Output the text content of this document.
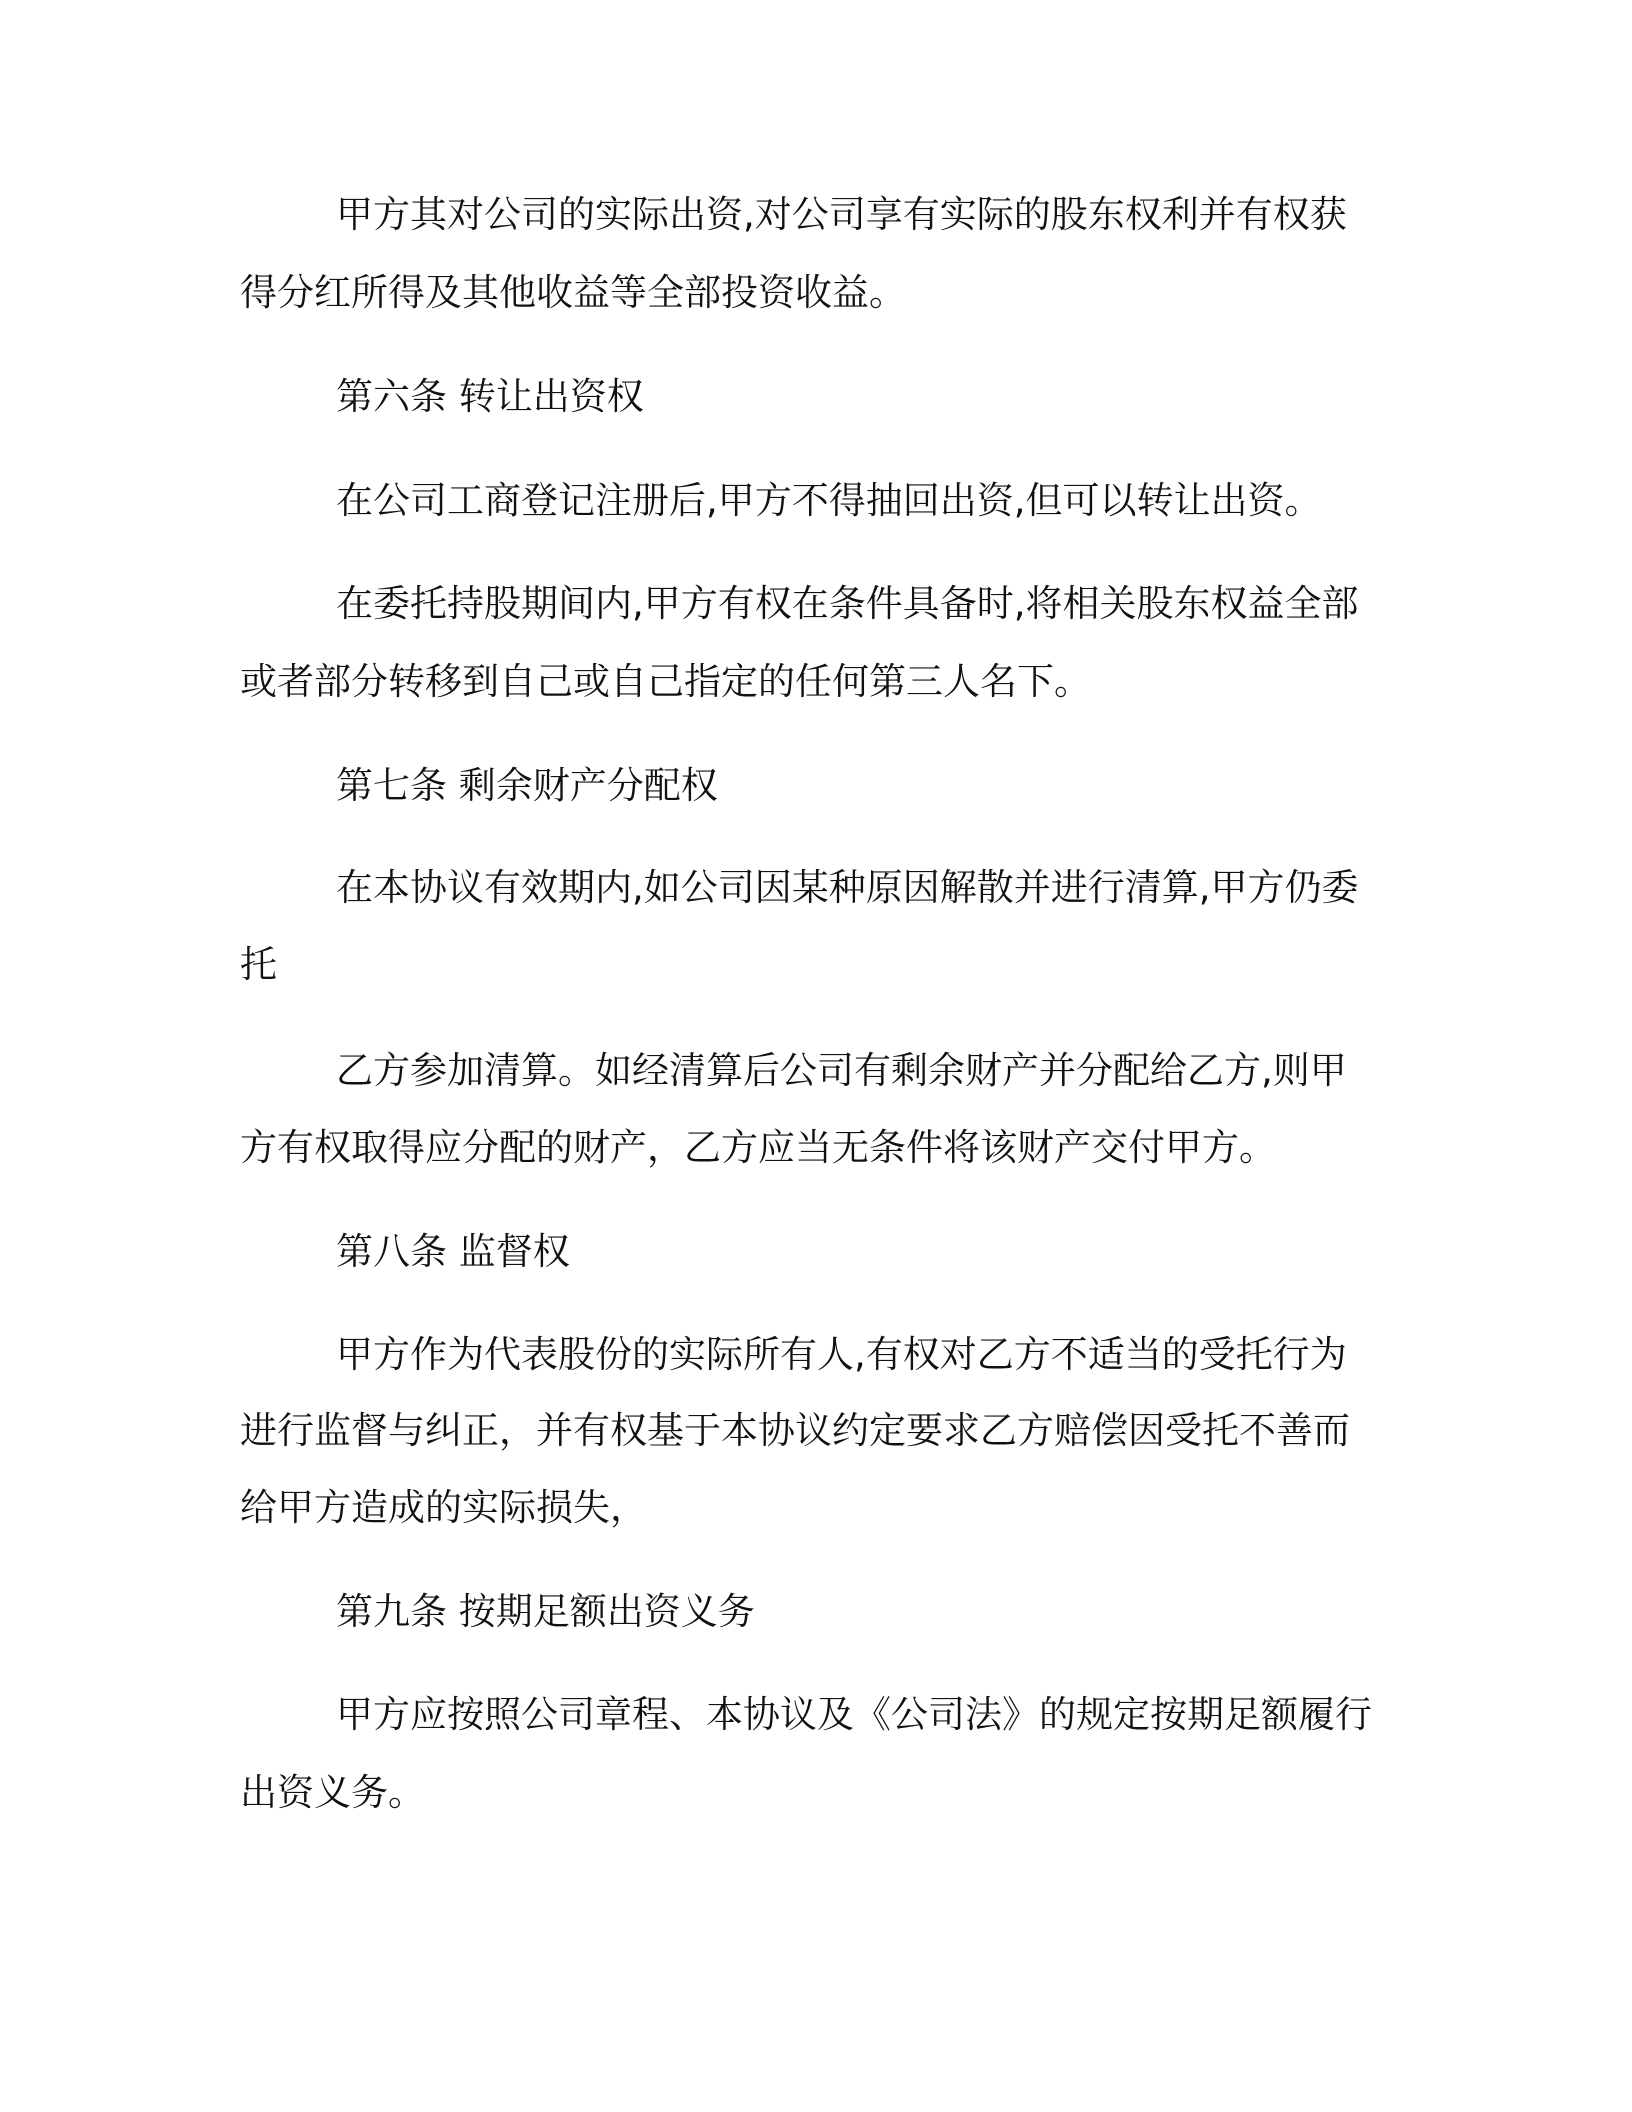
甲方其对公司的实际出资,对公司享有实际的股东权利并有权获

得分红所得及其他收益等全部投资收益。

第六条 转让出资权

在公司工商登记注册后,甲方不得抽回出资,但可以转让出资。

在委托持股期间内,甲方有权在条件具备时,将相关股东权益全部

或者部分转移到自己或自己指定的任何第三人名下。

第七条 剩余财产分配权

在本协议有效期内,如公司因某种原因解散并进行清算,甲方仍委

托

乙方参加清算。如经清算后公司有剩余财产并分配给乙方,则甲

方有权取得应分配的财产，乙方应当无条件将该财产交付甲方。

第八条 监督权

甲方作为代表股份的实际所有人,有权对乙方不适当的受托行为

进行监督与纠正，并有权基于本协议约定要求乙方赔偿因受托不善而

给甲方造成的实际损失，

第九条 按期足额出资义务

甲方应按照公司章程、本协议及《公司法》的规定按期足额履行

出资义务。
